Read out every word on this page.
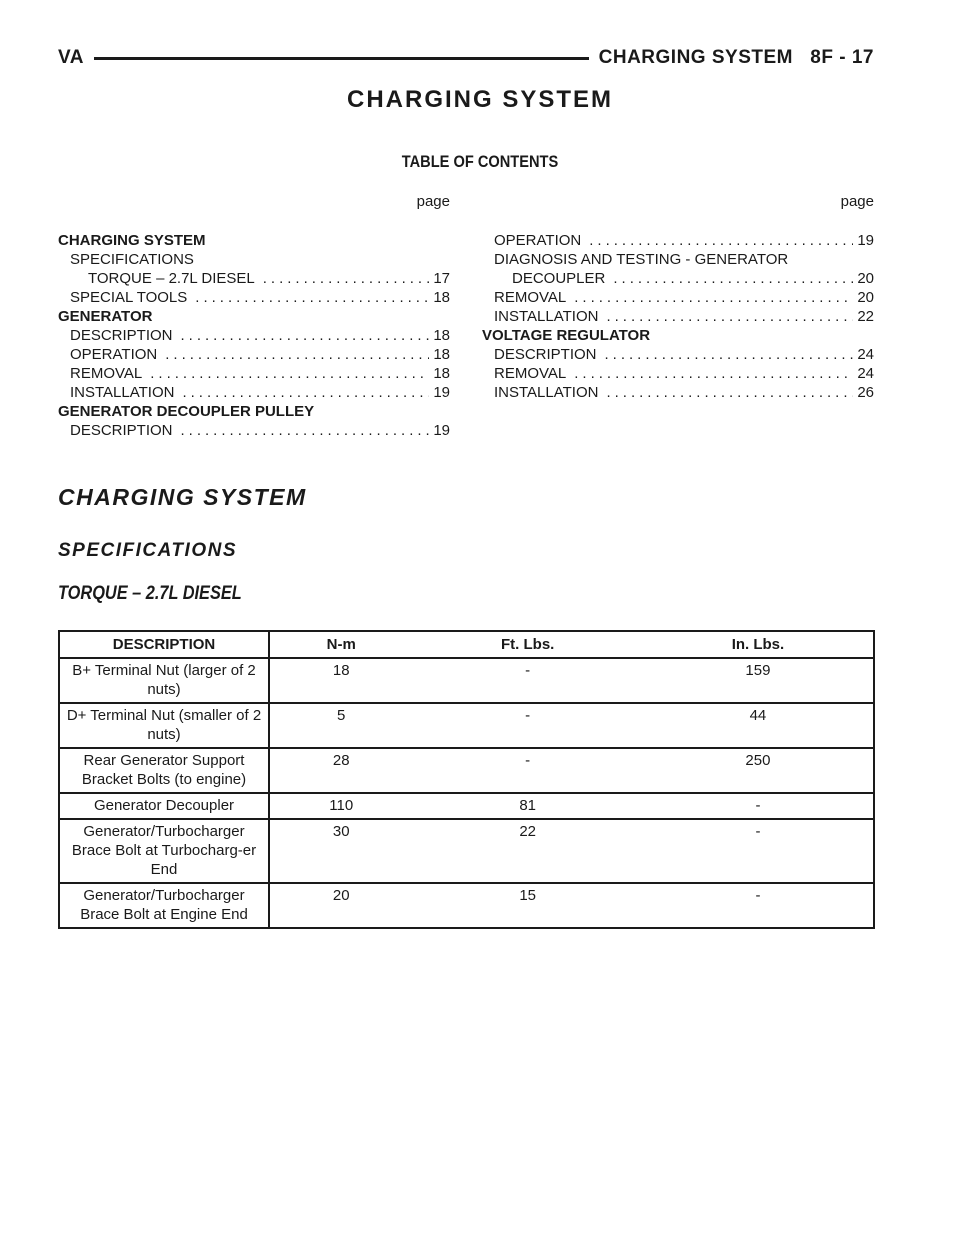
VA	CHARGING SYSTEM   8F - 17
CHARGING SYSTEM
TABLE OF CONTENTS
page
CHARGING SYSTEM
SPECIFICATIONS
TORQUE – 2.7L DIESEL .....	17
SPECIAL TOOLS .....	18
GENERATOR
DESCRIPTION .....	18
OPERATION .....	18
REMOVAL .....	18
INSTALLATION .....	19
GENERATOR DECOUPLER PULLEY
DESCRIPTION .....	19
page
OPERATION .....	19
DIAGNOSIS AND TESTING - GENERATOR
DECOUPLER .....	20
REMOVAL .....	20
INSTALLATION .....	22
VOLTAGE REGULATOR
DESCRIPTION .....	24
REMOVAL .....	24
INSTALLATION .....	26
CHARGING SYSTEM
SPECIFICATIONS
TORQUE – 2.7L DIESEL
DESCRIPTION	N-m	Ft. Lbs.	In. Lbs.
B+ Terminal Nut (larger of 2 nuts)	18	-	159
D+ Terminal Nut (smaller of 2 nuts)	5	-	44
Rear Generator Support Bracket Bolts (to engine)	28	-	250
Generator Decoupler	110	81	-
Generator/Turbocharger Brace Bolt at Turbocharg-er End	30	22	-
Generator/Turbocharger Brace Bolt at Engine End	20	15	-
